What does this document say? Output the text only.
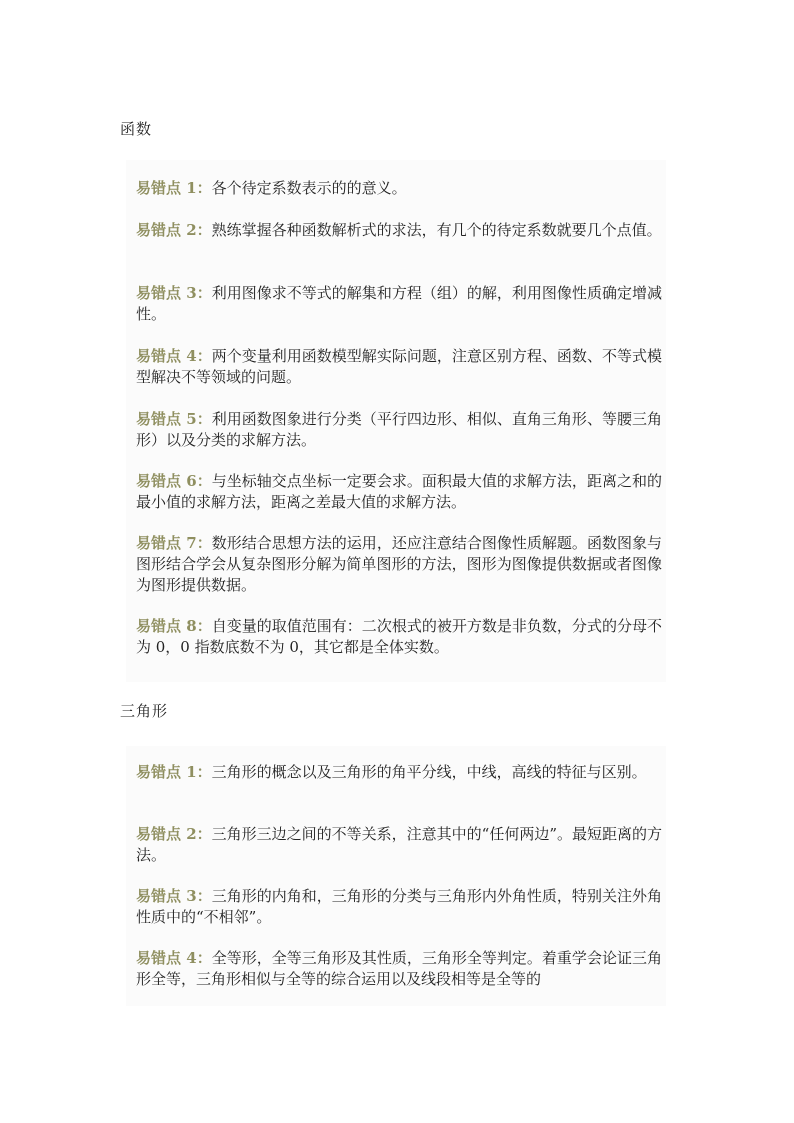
函数

易错点 1：各个待定系数表示的的意义。

易错点 2：熟练掌握各种函数解析式的求法，有几个的待定系数就要几个点值。

易错点 3：利用图像求不等式的解集和方程（组）的解，利用图像性质确定增减性。

易错点 4：两个变量利用函数模型解实际问题，注意区别方程、函数、不等式模型解决不等领域的问题。

易错点 5：利用函数图象进行分类（平行四边形、相似、直角三角形、等腰三角形）以及分类的求解方法。

易错点 6：与坐标轴交点坐标一定要会求。面积最大值的求解方法，距离之和的最小值的求解方法，距离之差最大值的求解方法。

易错点 7：数形结合思想方法的运用，还应注意结合图像性质解题。函数图象与图形结合学会从复杂图形分解为简单图形的方法，图形为图像提供数据或者图像为图形提供数据。

易错点 8：自变量的取值范围有：二次根式的被开方数是非负数，分式的分母不为 0，0 指数底数不为 0，其它都是全体实数。

三角形

易错点 1：三角形的概念以及三角形的角平分线，中线，高线的特征与区别。

易错点 2：三角形三边之间的不等关系，注意其中的“任何两边”。最短距离的方法。

易错点 3：三角形的内角和，三角形的分类与三角形内外角性质，特别关注外角性质中的“不相邻”。

易错点 4：全等形，全等三角形及其性质，三角形全等判定。着重学会论证三角形全等，三角形相似与全等的综合运用以及线段相等是全等的
